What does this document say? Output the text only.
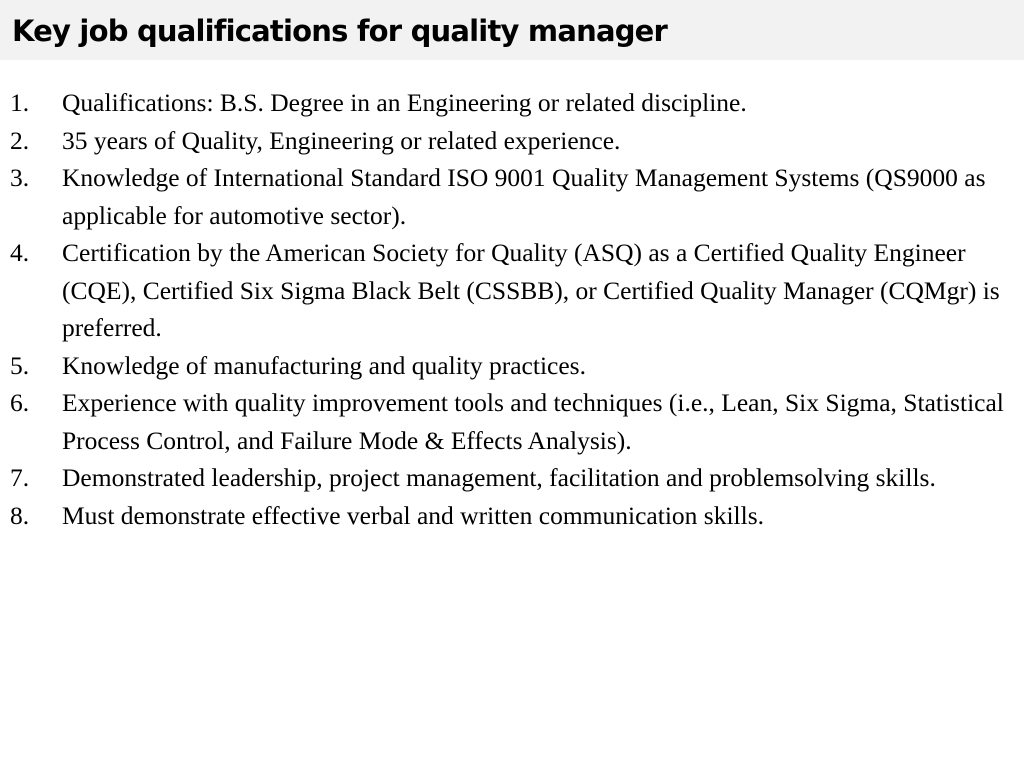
Key job qualifications for quality manager
1.	Qualifications: B.S. Degree in an Engineering or related discipline.
2.	35 years of Quality, Engineering or related experience.
3.	Knowledge of International Standard ISO 9001 Quality Management Systems (QS9000 as applicable for automotive sector).
4.	Certification by the American Society for Quality (ASQ) as a Certified Quality Engineer (CQE), Certified Six Sigma Black Belt (CSSBB), or Certified Quality Manager (CQMgr) is preferred.
5.	Knowledge of manufacturing and quality practices.
6.	Experience with quality improvement tools and techniques (i.e., Lean, Six Sigma, Statistical Process Control, and Failure Mode & Effects Analysis).
7.	Demonstrated leadership, project management, facilitation and problemsolving skills.
8.	Must demonstrate effective verbal and written communication skills.
